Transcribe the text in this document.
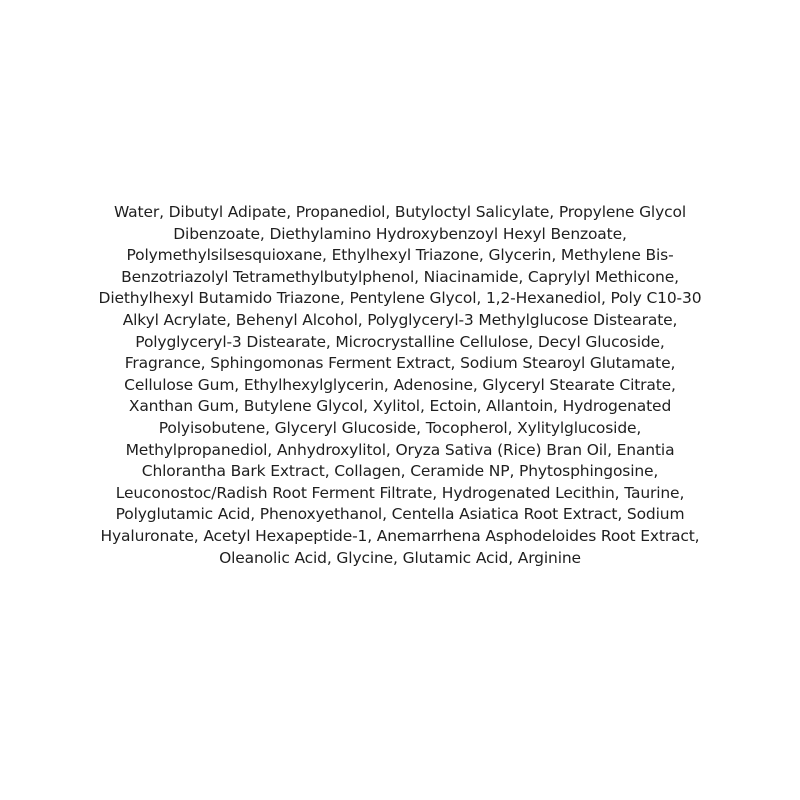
Water, Dibutyl Adipate, Propanediol, Butyloctyl Salicylate, Propylene Glycol
Dibenzoate, Diethylamino Hydroxybenzoyl Hexyl Benzoate,
Polymethylsilsesquioxane, Ethylhexyl Triazone, Glycerin, Methylene Bis-
Benzotriazolyl Tetramethylbutylphenol, Niacinamide, Caprylyl Methicone,
Diethylhexyl Butamido Triazone, Pentylene Glycol, 1,2-Hexanediol, Poly C10-30
Alkyl Acrylate, Behenyl Alcohol, Polyglyceryl-3 Methylglucose Distearate,
Polyglyceryl-3 Distearate, Microcrystalline Cellulose, Decyl Glucoside,
Fragrance, Sphingomonas Ferment Extract, Sodium Stearoyl Glutamate,
Cellulose Gum, Ethylhexylglycerin, Adenosine, Glyceryl Stearate Citrate,
Xanthan Gum, Butylene Glycol, Xylitol, Ectoin, Allantoin, Hydrogenated
Polyisobutene, Glyceryl Glucoside, Tocopherol, Xylitylglucoside,
Methylpropanediol, Anhydroxylitol, Oryza Sativa (Rice) Bran Oil, Enantia
Chlorantha Bark Extract, Collagen, Ceramide NP, Phytosphingosine,
Leuconostoc/Radish Root Ferment Filtrate, Hydrogenated Lecithin, Taurine,
Polyglutamic Acid, Phenoxyethanol, Centella Asiatica Root Extract, Sodium
Hyaluronate, Acetyl Hexapeptide-1, Anemarrhena Asphodeloides Root Extract,
Oleanolic Acid, Glycine, Glutamic Acid, Arginine
